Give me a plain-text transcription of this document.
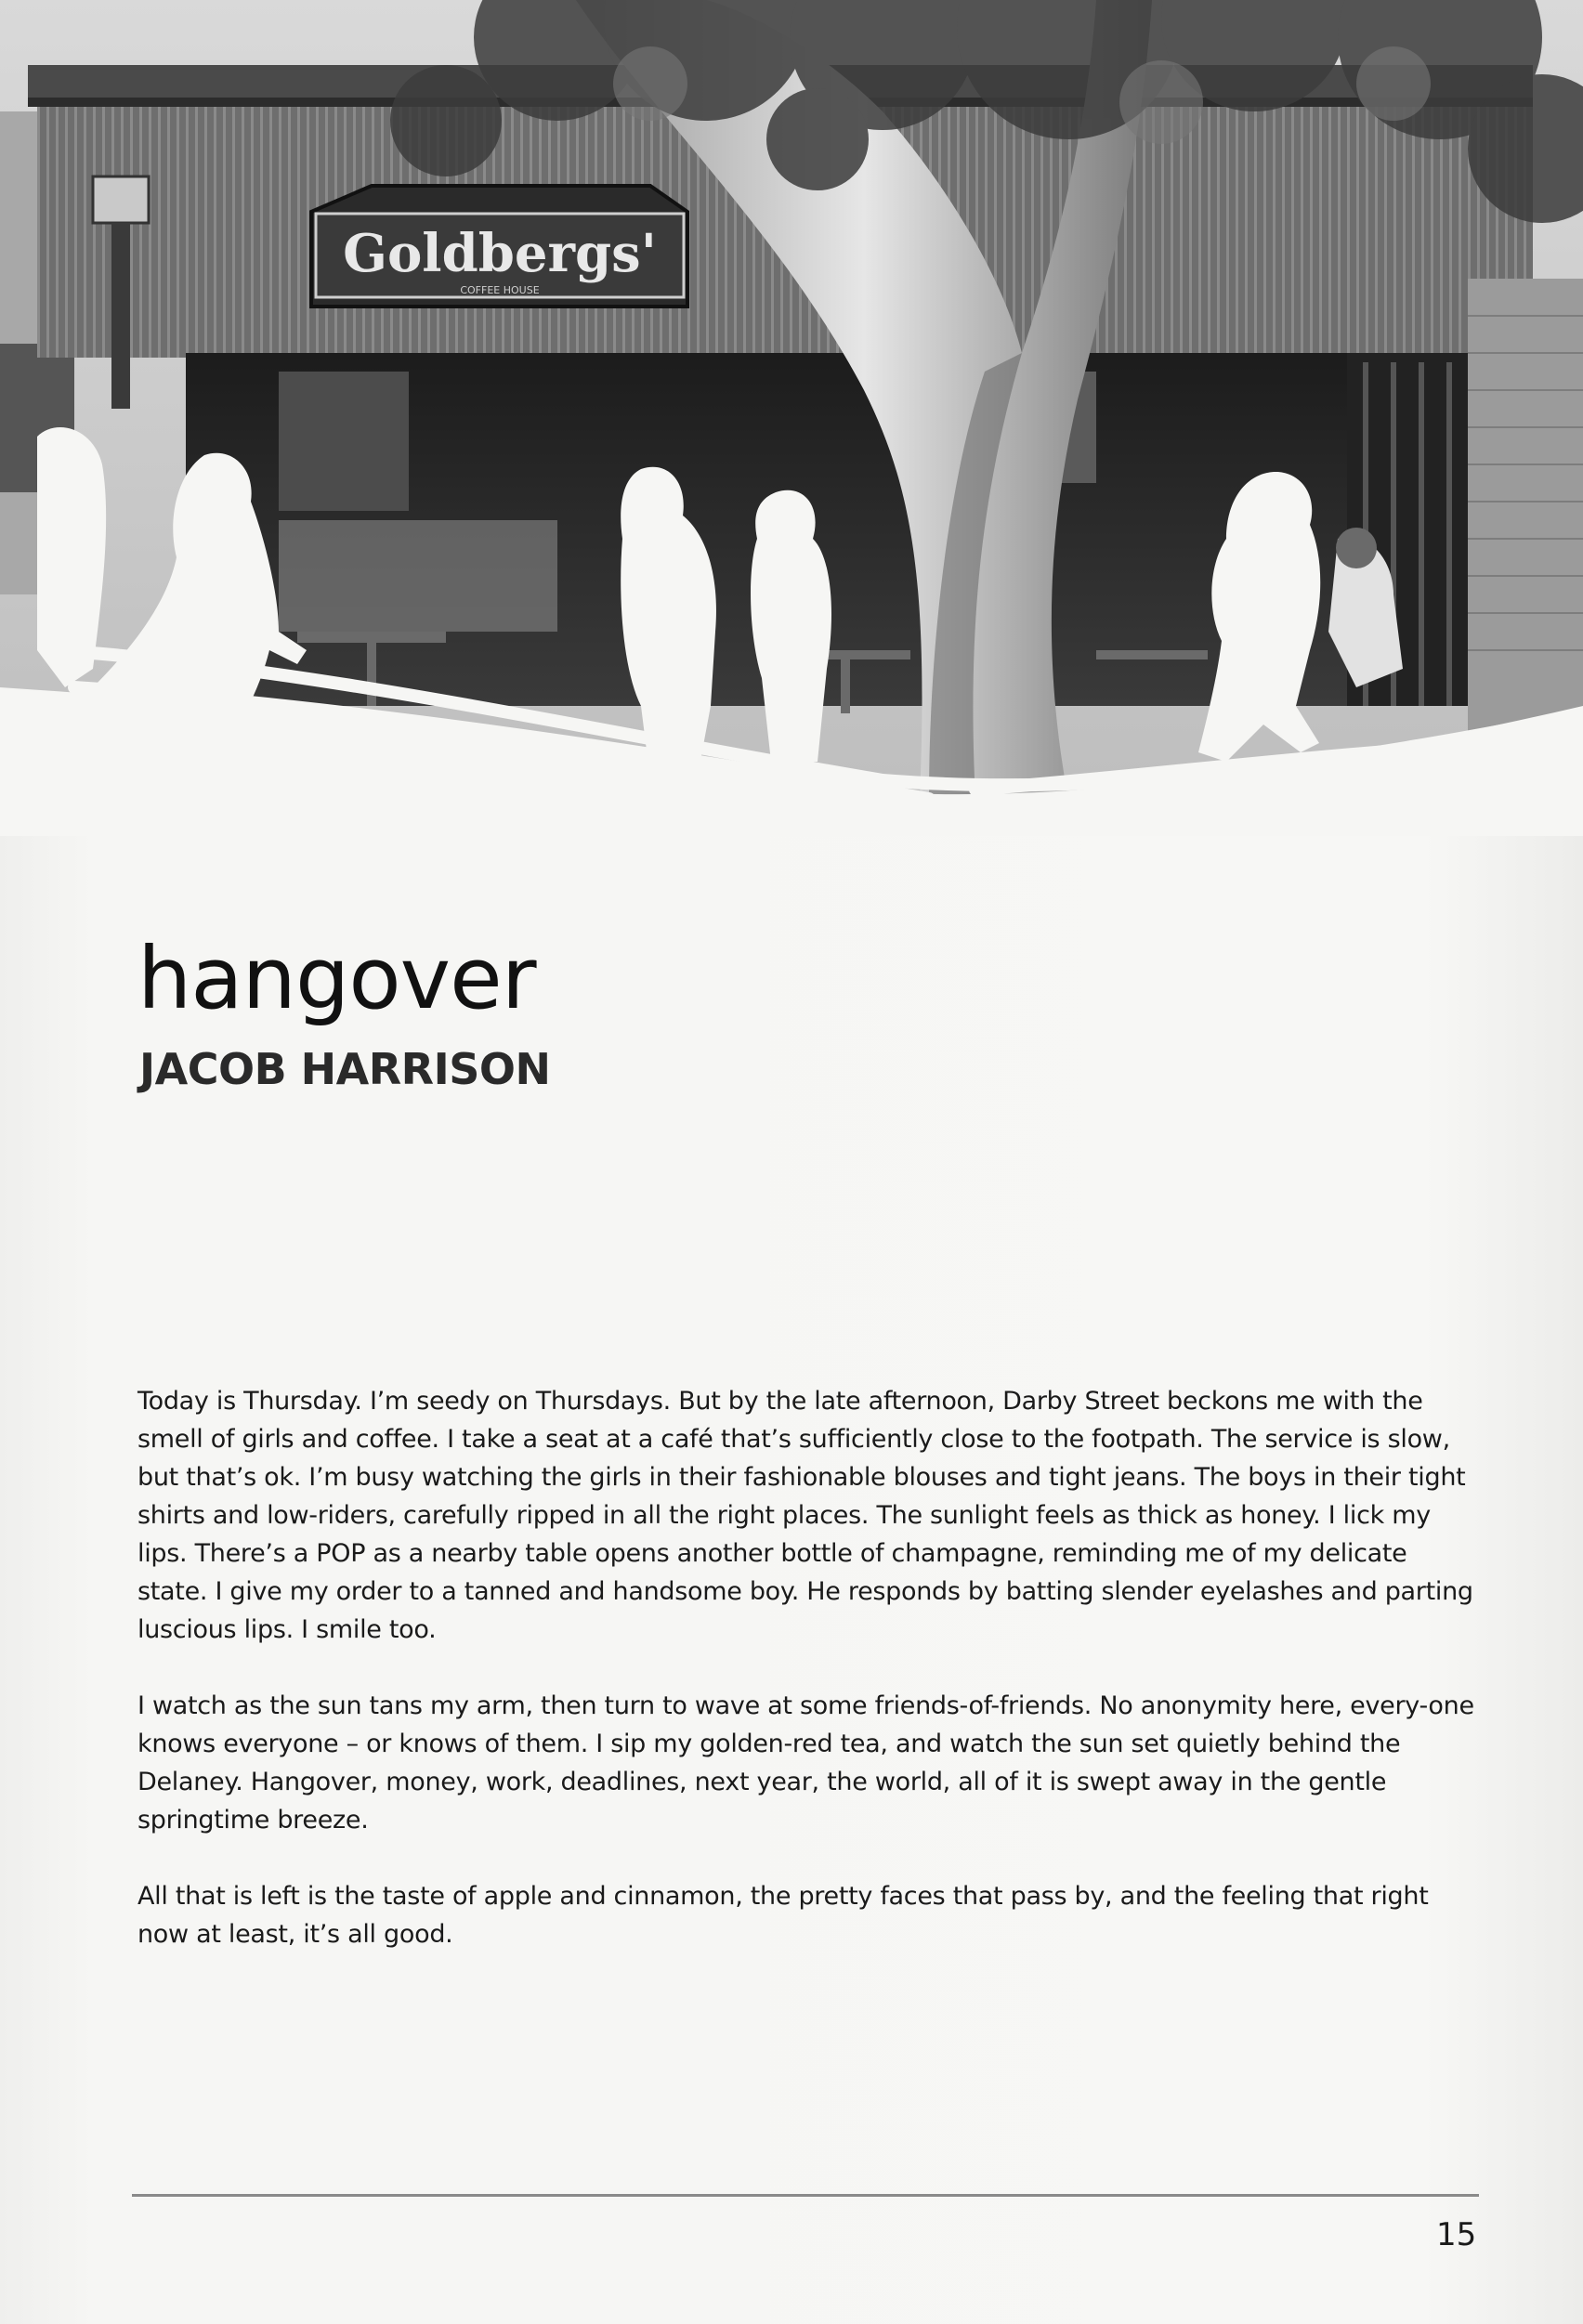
Goldbergs'
COFFEE HOUSE
hangover
JACOB HARRISON

Today is Thursday. I’m seedy on Thursdays. But by the late afternoon, Darby Street beckons me with the smell of girls and coffee. I take a seat at a café that’s sufficiently close to the footpath. The service is slow, but that’s ok. I’m busy watching the girls in their fashionable blouses and tight jeans. The boys in their tight shirts and low-riders, carefully ripped in all the right places. The sunlight feels as thick as honey. I lick my lips. There’s a POP as a nearby table opens another bottle of champagne, reminding me of my delicate state. I give my order to a tanned and handsome boy. He responds by batting slender eyelashes and parting luscious lips. I smile too.

I watch as the sun tans my arm, then turn to wave at some friends-of-friends. No anonymity here, every-one knows everyone – or knows of them. I sip my golden-red tea, and watch the sun set quietly behind the Delaney. Hangover, money, work, deadlines, next year, the world, all of it is swept away in the gentle springtime breeze.

All that is left is the taste of apple and cinnamon, the pretty faces that pass by, and the feeling that right now at least, it’s all good.

15
